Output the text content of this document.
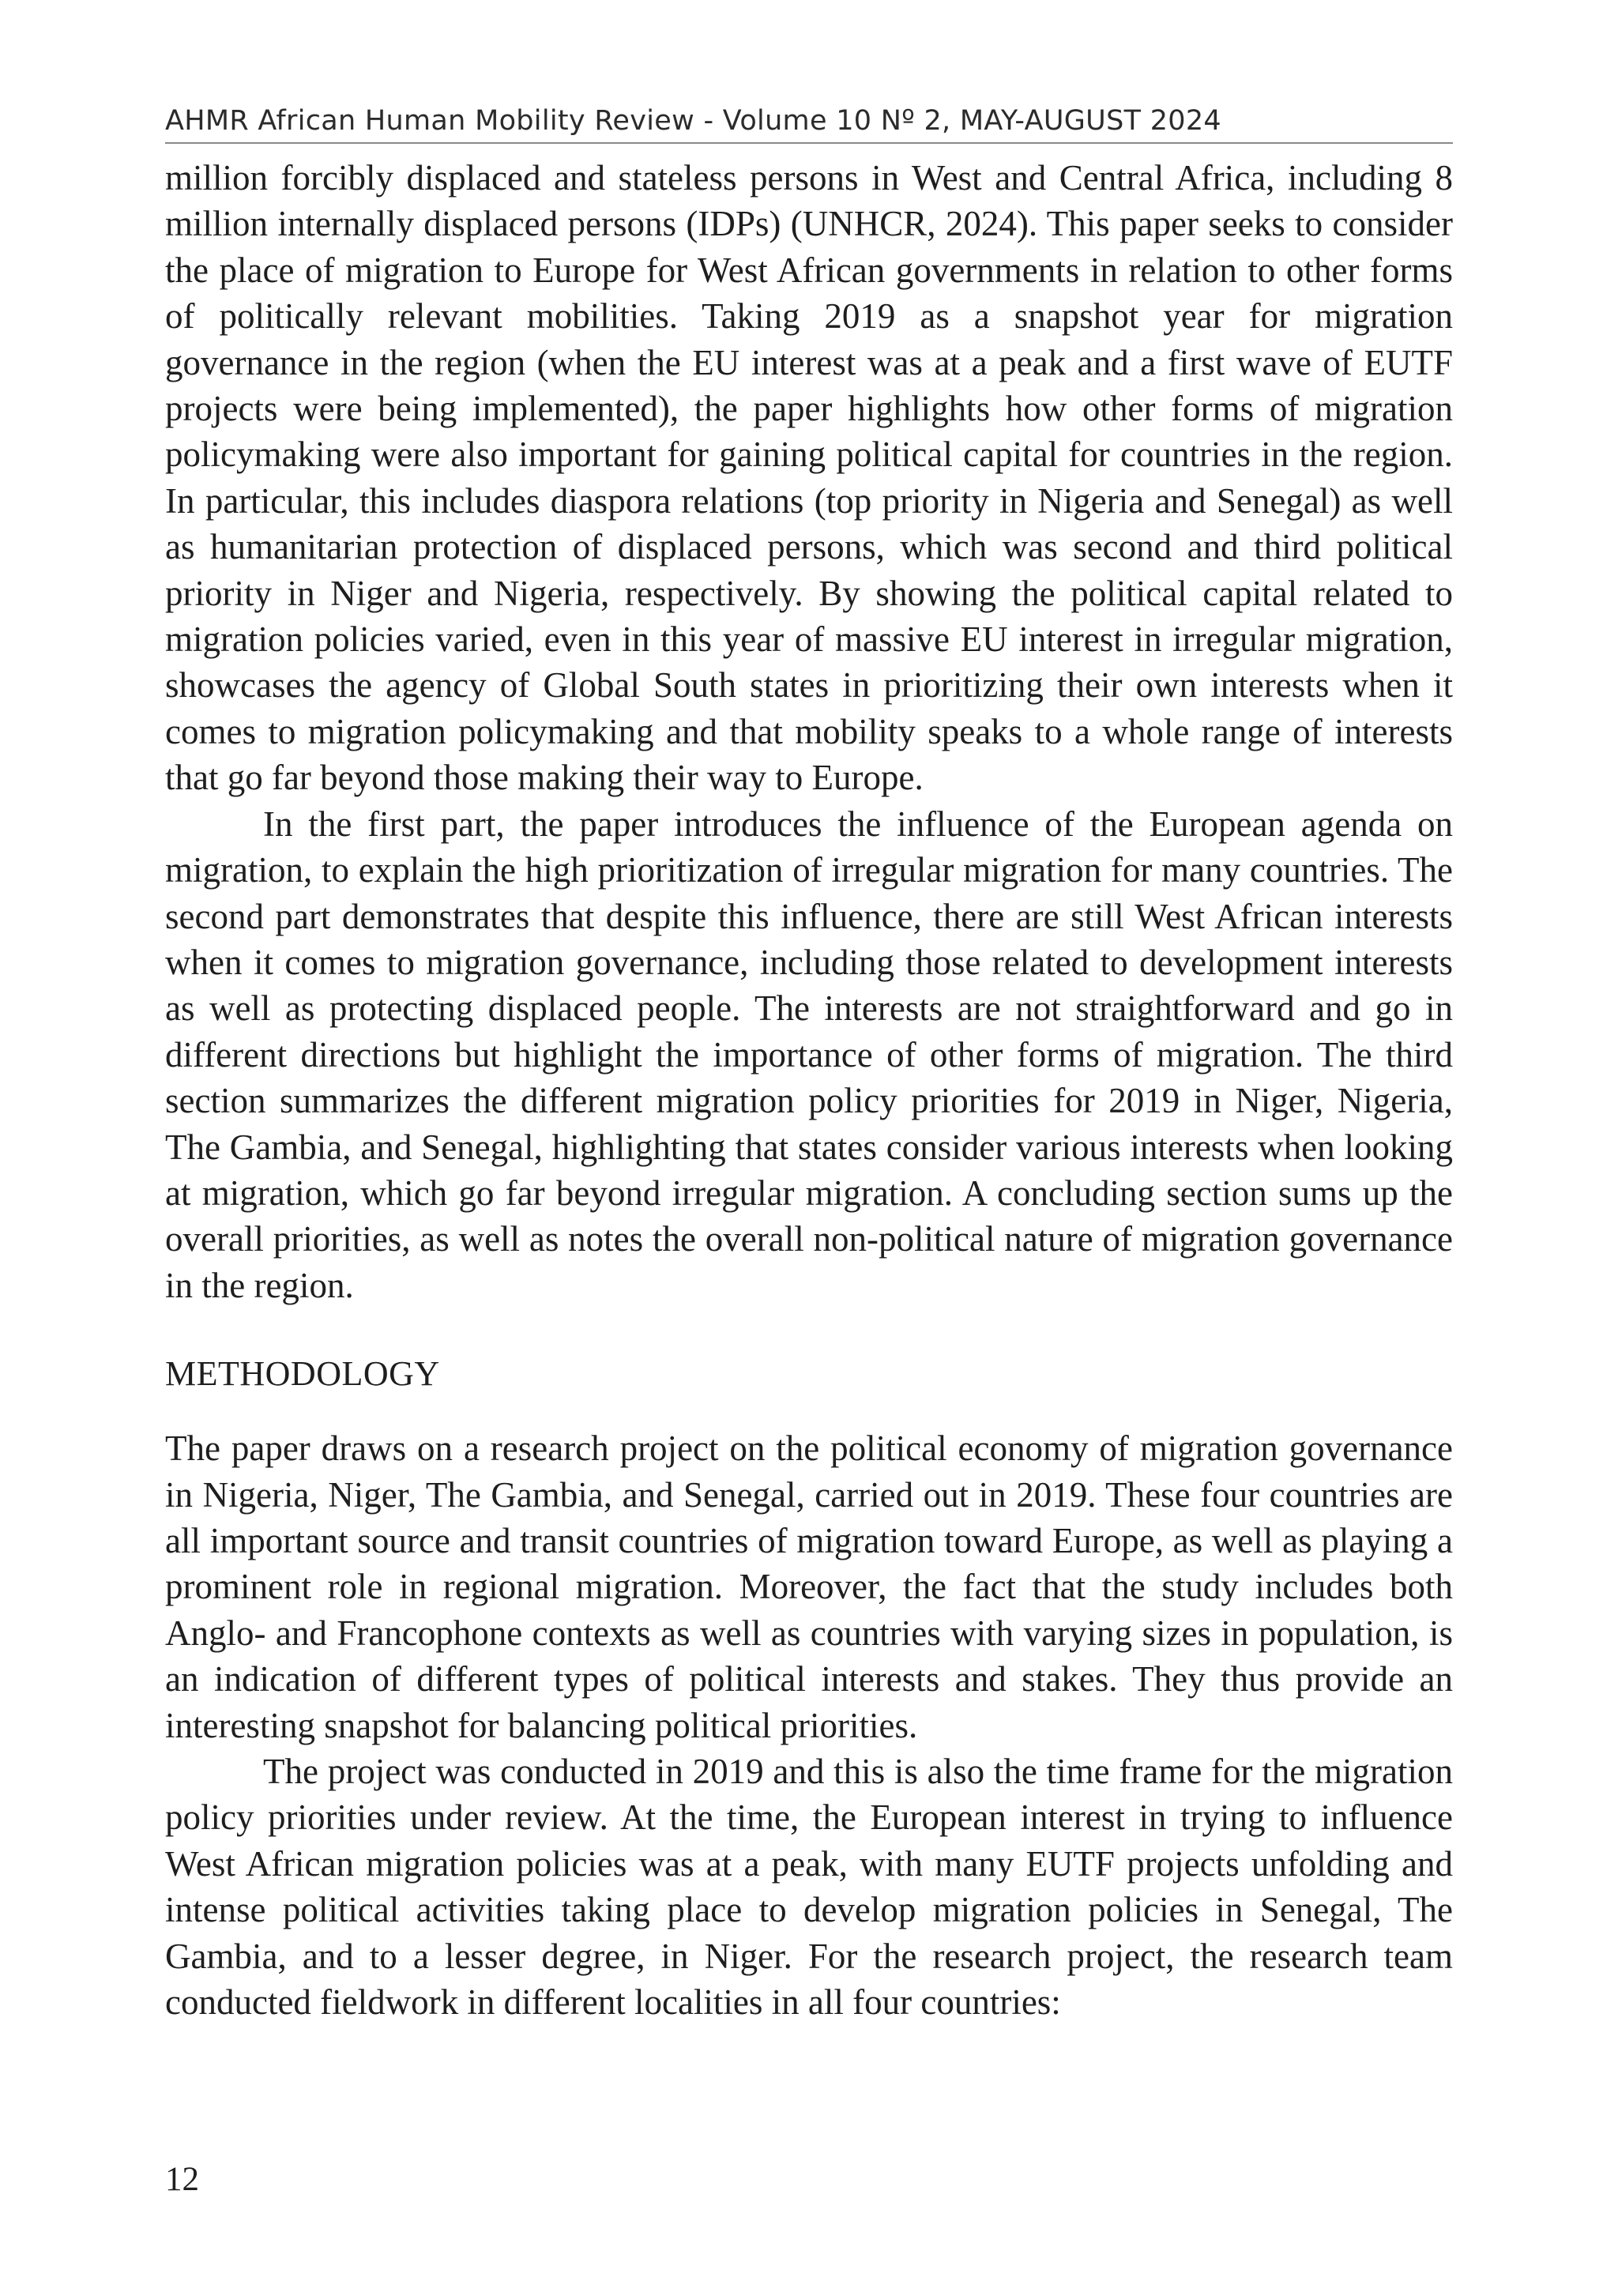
AHMR African Human Mobility Review - Volume 10 Nº 2, MAY-AUGUST 2024

million forcibly displaced and stateless persons in West and Central Africa, including 8 million internally displaced persons (IDPs) (UNHCR, 2024). This paper seeks to consider the place of migration to Europe for West African governments in relation to other forms of politically relevant mobilities. Taking 2019 as a snapshot year for migration governance in the region (when the EU interest was at a peak and a first wave of EUTF projects were being implemented), the paper highlights how other forms of migration policymaking were also important for gaining political capital for countries in the region. In particular, this includes diaspora relations (top priority in Nigeria and Senegal) as well as humanitarian protection of displaced persons, which was second and third political priority in Niger and Nigeria, respectively. By showing the political capital related to migration policies varied, even in this year of massive EU interest in irregular migration, showcases the agency of Global South states in prioritizing their own interests when it comes to migration policymaking and that mobility speaks to a whole range of interests that go far beyond those making their way to Europe.

In the first part, the paper introduces the influence of the European agenda on migration, to explain the high prioritization of irregular migration for many countries. The second part demonstrates that despite this influence, there are still West African interests when it comes to migration governance, including those related to development interests as well as protecting displaced people. The interests are not straightforward and go in different directions but highlight the importance of other forms of migration. The third section summarizes the different migration policy priorities for 2019 in Niger, Nigeria, The Gambia, and Senegal, highlighting that states consider various interests when looking at migration, which go far beyond irregular migration. A concluding section sums up the overall priorities, as well as notes the overall non-political nature of migration governance in the region.

METHODOLOGY

The paper draws on a research project on the political economy of migration governance in Nigeria, Niger, The Gambia, and Senegal, carried out in 2019. These four countries are all important source and transit countries of migration toward Europe, as well as playing a prominent role in regional migration. Moreover, the fact that the study includes both Anglo- and Francophone contexts as well as countries with varying sizes in population, is an indication of different types of political interests and stakes. They thus provide an interesting snapshot for balancing political priorities.

The project was conducted in 2019 and this is also the time frame for the migration policy priorities under review. At the time, the European interest in trying to influence West African migration policies was at a peak, with many EUTF projects unfolding and intense political activities taking place to develop migration policies in Senegal, The Gambia, and to a lesser degree, in Niger. For the research project, the research team conducted fieldwork in different localities in all four countries:

12
